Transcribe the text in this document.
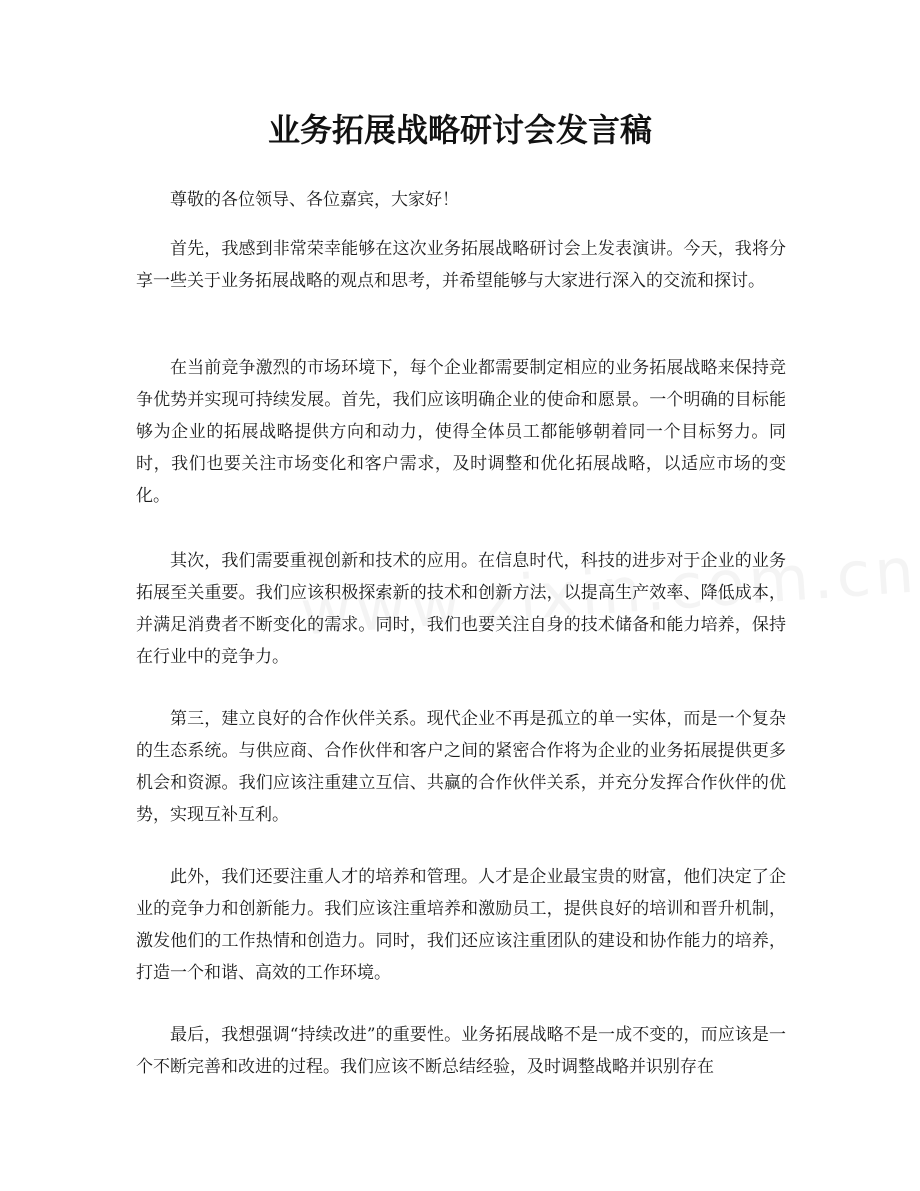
业务拓展战略研讨会发言稿

尊敬的各位领导、各位嘉宾，大家好！

首先，我感到非常荣幸能够在这次业务拓展战略研讨会上发表演讲。今天，我将分享一些关于业务拓展战略的观点和思考，并希望能够与大家进行深入的交流和探讨。

在当前竞争激烈的市场环境下，每个企业都需要制定相应的业务拓展战略来保持竞争优势并实现可持续发展。首先，我们应该明确企业的使命和愿景。一个明确的目标能够为企业的拓展战略提供方向和动力，使得全体员工都能够朝着同一个目标努力。同时，我们也要关注市场变化和客户需求，及时调整和优化拓展战略，以适应市场的变化。

其次，我们需要重视创新和技术的应用。在信息时代，科技的进步对于企业的业务拓展至关重要。我们应该积极探索新的技术和创新方法，以提高生产效率、降低成本，并满足消费者不断变化的需求。同时，我们也要关注自身的技术储备和能力培养，保持在行业中的竞争力。

第三，建立良好的合作伙伴关系。现代企业不再是孤立的单一实体，而是一个复杂的生态系统。与供应商、合作伙伴和客户之间的紧密合作将为企业的业务拓展提供更多机会和资源。我们应该注重建立互信、共赢的合作伙伴关系，并充分发挥合作伙伴的优势，实现互补互利。

此外，我们还要注重人才的培养和管理。人才是企业最宝贵的财富，他们决定了企业的竞争力和创新能力。我们应该注重培养和激励员工，提供良好的培训和晋升机制，激发他们的工作热情和创造力。同时，我们还应该注重团队的建设和协作能力的培养，打造一个和谐、高效的工作环境。

最后，我想强调“持续改进”的重要性。业务拓展战略不是一成不变的，而应该是一个不断完善和改进的过程。我们应该不断总结经验，及时调整战略并识别存在
